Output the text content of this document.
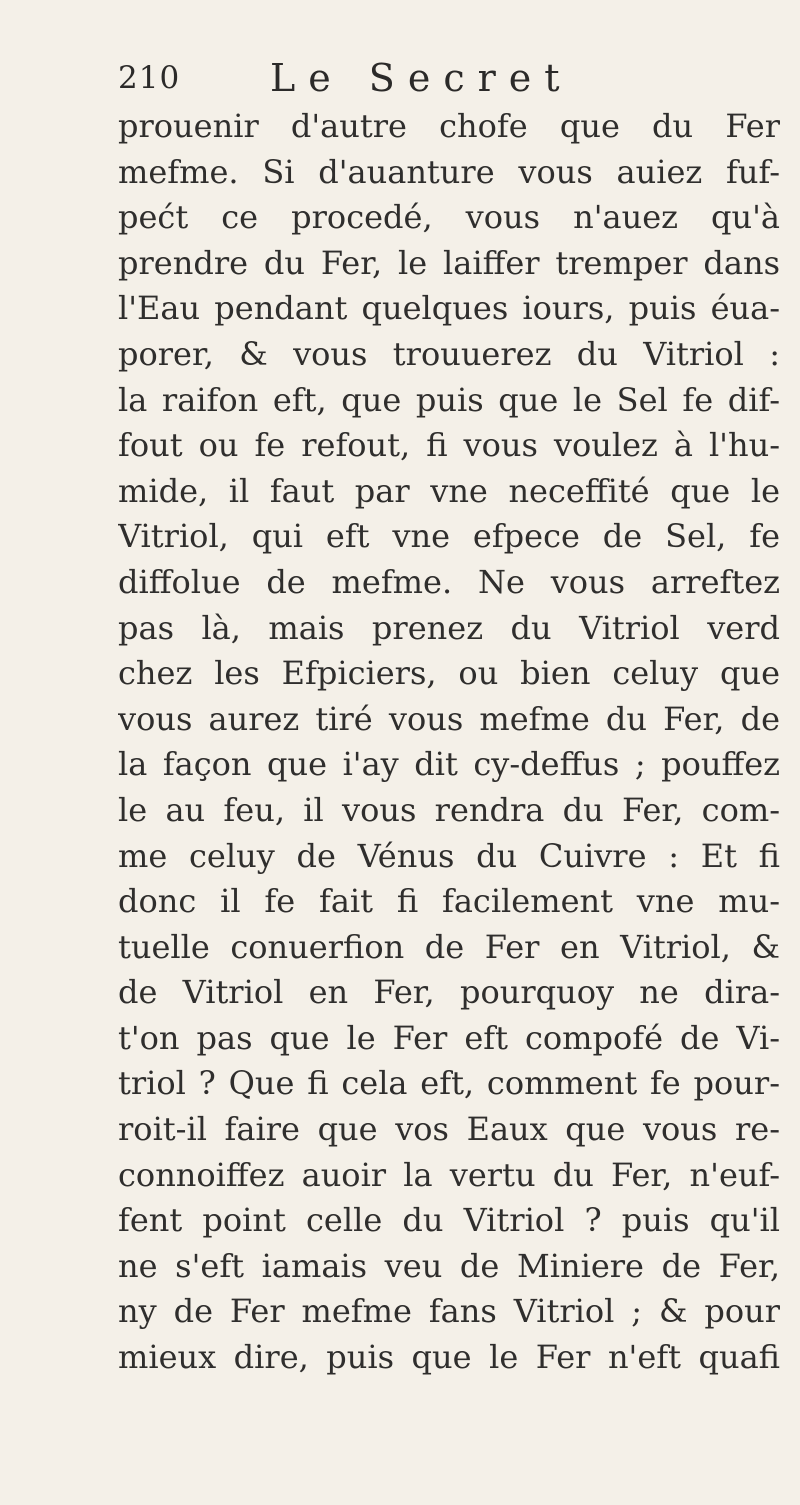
210 Le Secret
prouenir d'autre chofe que du Fer
mefme. Si d'auanture vous auiez fuf-
pećt ce procedé, vous n'auez qu'à
prendre du Fer, le laiffer tremper dans
l'Eau pendant quelques iours, puis éua-
porer, & vous trouuerez du Vitriol :
la raifon eft, que puis que le Sel fe dif-
fout ou fe refout, fi vous voulez à l'hu-
mide, il faut par vne neceffité que le
Vitriol, qui eft vne efpece de Sel, fe
diffolue de mefme. Ne vous arreftez
pas là, mais prenez du Vitriol verd
chez les Efpiciers, ou bien celuy que
vous aurez tiré vous mefme du Fer, de
la façon que i'ay dit cy-deffus ; pouffez
le au feu, il vous rendra du Fer, com-
me celuy de Vénus du Cuivre : Et fi
donc il fe fait fi facilement vne mu-
tuelle conuerfion de Fer en Vitriol, &
de Vitriol en Fer, pourquoy ne dira-
t'on pas que le Fer eft compofé de Vi-
triol ? Que fi cela eft, comment fe pour-
roit-il faire que vos Eaux que vous re-
connoiffez auoir la vertu du Fer, n'euf-
fent point celle du Vitriol ? puis qu'il
ne s'eft iamais veu de Miniere de Fer,
ny de Fer mefme fans Vitriol ; & pour
mieux dire, puis que le Fer n'eft quafi
